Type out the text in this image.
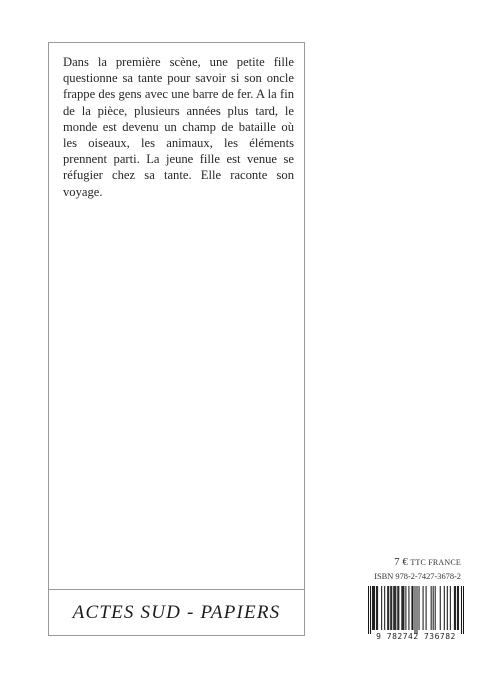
Dans la première scène, une petite fille questionne sa tante pour savoir si son oncle frappe des gens avec une barre de fer. A la fin de la pièce, plusieurs années plus tard, le monde est devenu un champ de bataille où les oiseaux, les animaux, les éléments prennent parti. La jeune fille est venue se réfugier chez sa tante. Elle raconte son voyage.

ACTES SUD - PAPIERS
7 € TTC FRANCE
ISBN 978-2-7427-3678-2
9 782742 736782
